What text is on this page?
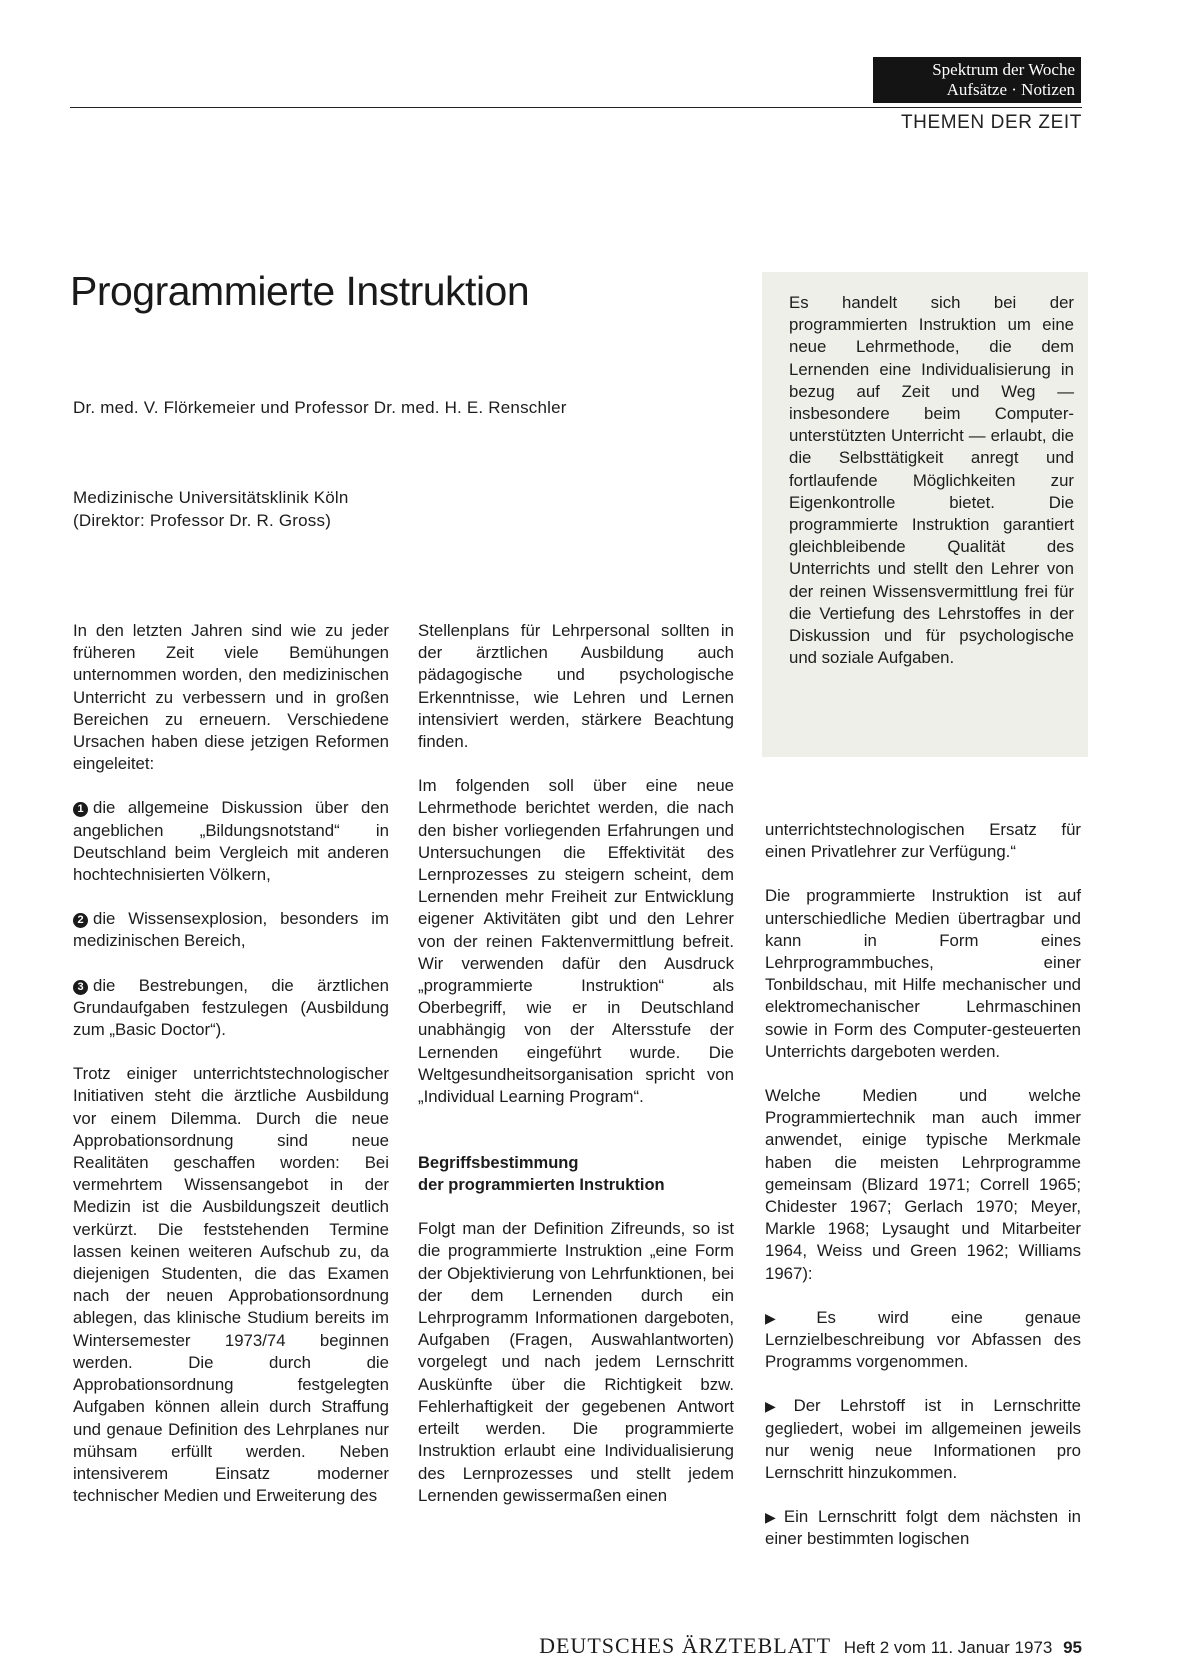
Spektrum der Woche
Aufsätze · Notizen
THEMEN DER ZEIT
Programmierte Instruktion
Dr. med. V. Flörkemeier und Professor Dr. med. H. E. Renschler
Medizinische Universitätsklinik Köln
(Direktor: Professor Dr. R. Gross)
Es handelt sich bei der programmierten Instruktion um eine neue Lehrmethode, die dem Lernenden eine Individualisierung in bezug auf Zeit und Weg — insbesondere beim Computer-unterstützten Unterricht — erlaubt, die die Selbsttätigkeit anregt und fortlaufende Möglichkeiten zur Eigenkontrolle bietet. Die programmierte Instruktion garantiert gleichbleibende Qualität des Unterrichts und stellt den Lehrer von der reinen Wissensvermittlung frei für die Vertiefung des Lehrstoffes in der Diskussion und für psychologische und soziale Aufgaben.

In den letzten Jahren sind wie zu jeder früheren Zeit viele Bemühungen unternommen worden, den medizinischen Unterricht zu verbessern und in großen Bereichen zu erneuern. Verschiedene Ursachen haben diese jetzigen Reformen eingeleitet:

1 die allgemeine Diskussion über den angeblichen „Bildungsnotstand“ in Deutschland beim Vergleich mit anderen hochtechnisierten Völkern,

2 die Wissensexplosion, besonders im medizinischen Bereich,

3 die Bestrebungen, die ärztlichen Grundaufgaben festzulegen (Ausbildung zum „Basic Doctor“).

Trotz einiger unterrichtstechnologischer Initiativen steht die ärztliche Ausbildung vor einem Dilemma. Durch die neue Approbationsordnung sind neue Realitäten geschaffen worden: Bei vermehrtem Wissensangebot in der Medizin ist die Ausbildungszeit deutlich verkürzt. Die feststehenden Termine lassen keinen weiteren Aufschub zu, da diejenigen Studenten, die das Examen nach der neuen Approbationsordnung ablegen, das klinische Studium bereits im Wintersemester 1973/74 beginnen werden. Die durch die Approbationsordnung festgelegten Aufgaben können allein durch Straffung und genaue Definition des Lehrplanes nur mühsam erfüllt werden. Neben intensiverem Einsatz moderner technischer Medien und Erweiterung des

Stellenplans für Lehrpersonal sollten in der ärztlichen Ausbildung auch pädagogische und psychologische Erkenntnisse, wie Lehren und Lernen intensiviert werden, stärkere Beachtung finden.

Im folgenden soll über eine neue Lehrmethode berichtet werden, die nach den bisher vorliegenden Erfahrungen und Untersuchungen die Effektivität des Lernprozesses zu steigern scheint, dem Lernenden mehr Freiheit zur Entwicklung eigener Aktivitäten gibt und den Lehrer von der reinen Faktenvermittlung befreit. Wir verwenden dafür den Ausdruck „programmierte Instruktion“ als Oberbegriff, wie er in Deutschland unabhängig von der Altersstufe der Lernenden eingeführt wurde. Die Weltgesundheitsorganisation spricht von „Individual Learning Program“.

Begriffsbestimmung
der programmierten Instruktion

Folgt man der Definition Zifreunds, so ist die programmierte Instruktion „eine Form der Objektivierung von Lehrfunktionen, bei der dem Lernenden durch ein Lehrprogramm Informationen dargeboten, Aufgaben (Fragen, Auswahlantworten) vorgelegt und nach jedem Lernschritt Auskünfte über die Richtigkeit bzw. Fehlerhaftigkeit der gegebenen Antwort erteilt werden. Die programmierte Instruktion erlaubt eine Individualisierung des Lernprozesses und stellt jedem Lernenden gewissermaßen einen

unterrichtstechnologischen Ersatz für einen Privatlehrer zur Verfügung.“

Die programmierte Instruktion ist auf unterschiedliche Medien übertragbar und kann in Form eines Lehrprogrammbuches, einer Tonbildschau, mit Hilfe mechanischer und elektromechanischer Lehrmaschinen sowie in Form des Computer-gesteuerten Unterrichts dargeboten werden.

Welche Medien und welche Programmiertechnik man auch immer anwendet, einige typische Merkmale haben die meisten Lehrprogramme gemeinsam (Blizard 1971; Correll 1965; Chidester 1967; Gerlach 1970; Meyer, Markle 1968; Lysaught und Mitarbeiter 1964, Weiss und Green 1962; Williams 1967):

▶ Es wird eine genaue Lernzielbeschreibung vor Abfassen des Programms vorgenommen.

▶ Der Lehrstoff ist in Lernschritte gegliedert, wobei im allgemeinen jeweils nur wenig neue Informationen pro Lernschritt hinzukommen.

▶ Ein Lernschritt folgt dem nächsten in einer bestimmten logischen

DEUTSCHES ÄRZTEBLATT Heft 2 vom 11. Januar 1973 95
